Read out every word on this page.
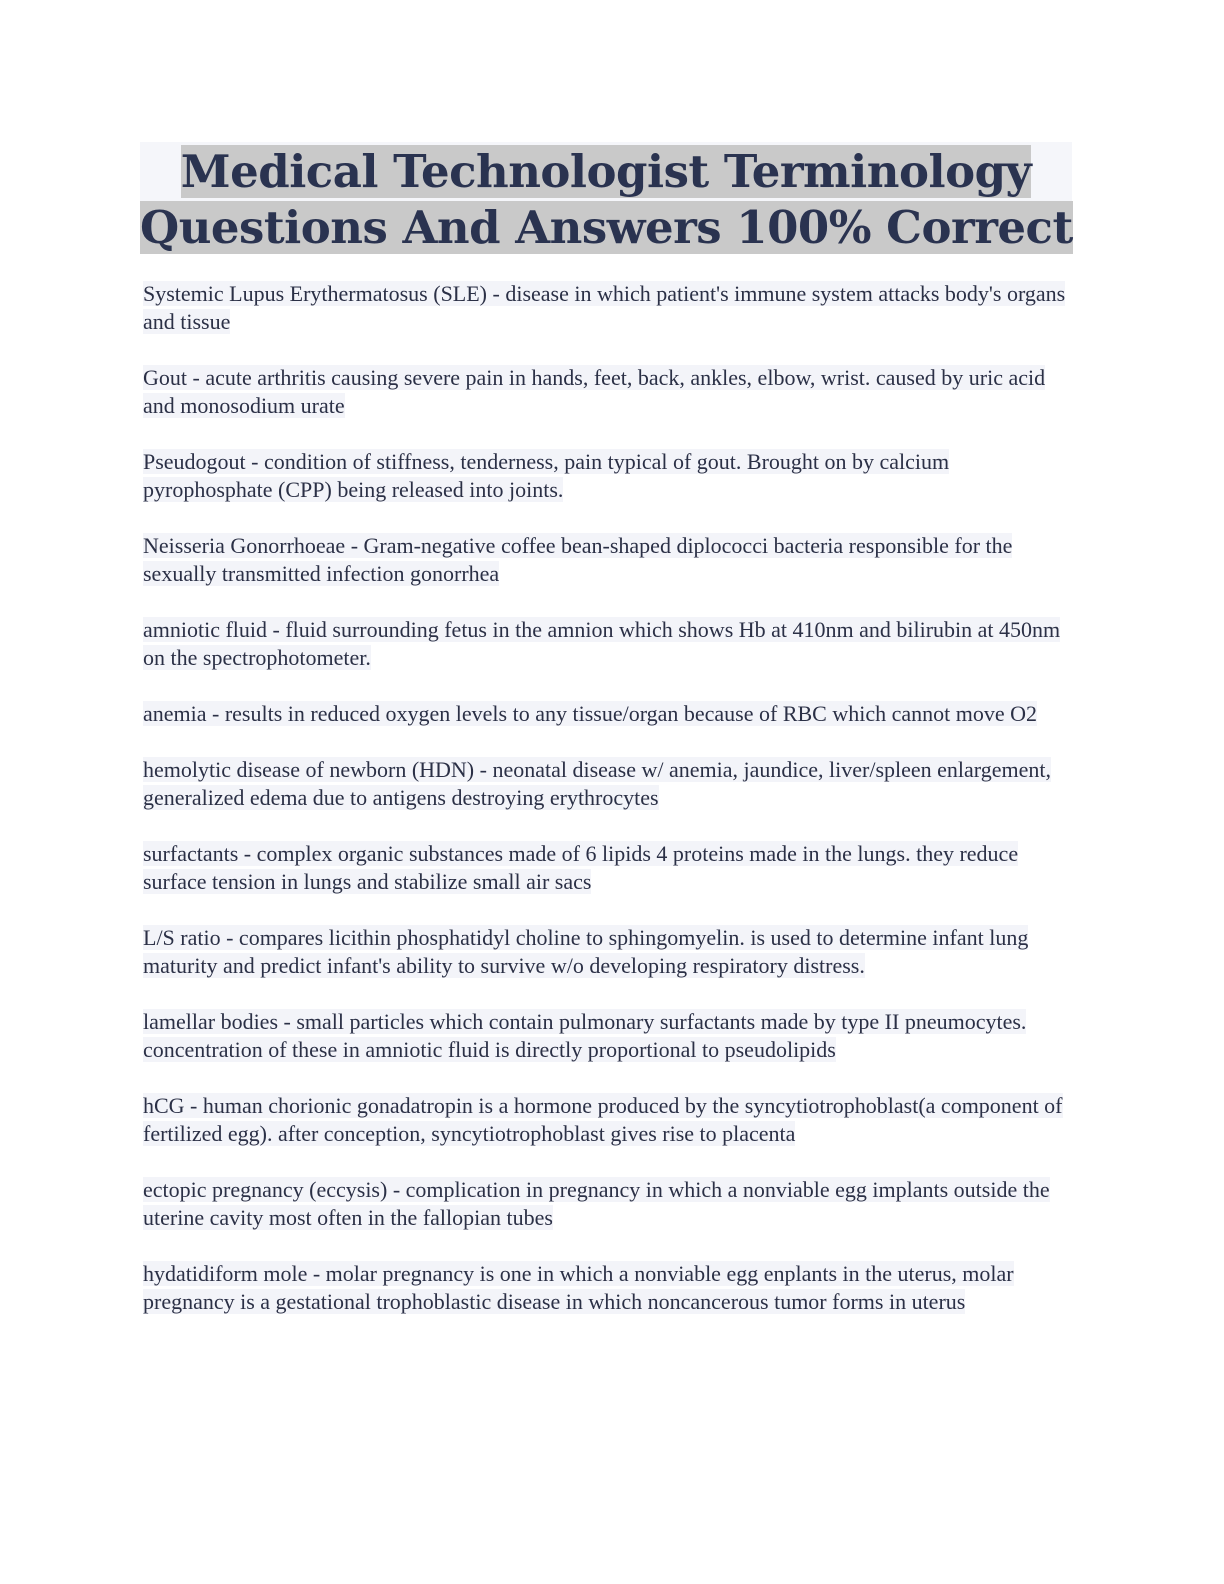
Medical Technologist Terminology
Questions And Answers 100% Correct
Systemic Lupus Erythermatosus (SLE) - disease in which patient's immune system attacks body's organs and tissue
Gout - acute arthritis causing severe pain in hands, feet, back, ankles, elbow, wrist. caused by uric acid and monosodium urate
Pseudogout - condition of stiffness, tenderness, pain typical of gout. Brought on by calcium pyrophosphate (CPP) being released into joints.
Neisseria Gonorrhoeae - Gram-negative coffee bean-shaped diplococci bacteria responsible for the sexually transmitted infection gonorrhea
amniotic fluid - fluid surrounding fetus in the amnion which shows Hb at 410nm and bilirubin at 450nm on the spectrophotometer.
anemia - results in reduced oxygen levels to any tissue/organ because of RBC which cannot move O2
hemolytic disease of newborn (HDN) - neonatal disease w/ anemia, jaundice, liver/spleen enlargement, generalized edema due to antigens destroying erythrocytes
surfactants - complex organic substances made of 6 lipids 4 proteins made in the lungs. they reduce surface tension in lungs and stabilize small air sacs
L/S ratio - compares licithin phosphatidyl choline to sphingomyelin. is used to determine infant lung maturity and predict infant's ability to survive w/o developing respiratory distress.
lamellar bodies - small particles which contain pulmonary surfactants made by type II pneumocytes. concentration of these in amniotic fluid is directly proportional to pseudolipids
hCG - human chorionic gonadatropin is a hormone produced by the syncytiotrophoblast(a component of fertilized egg). after conception, syncytiotrophoblast gives rise to placenta
ectopic pregnancy (eccysis) - complication in pregnancy in which a nonviable egg implants outside the uterine cavity most often in the fallopian tubes
hydatidiform mole - molar pregnancy is one in which a nonviable egg enplants in the uterus, molar pregnancy is a gestational trophoblastic disease in which noncancerous tumor forms in uterus
